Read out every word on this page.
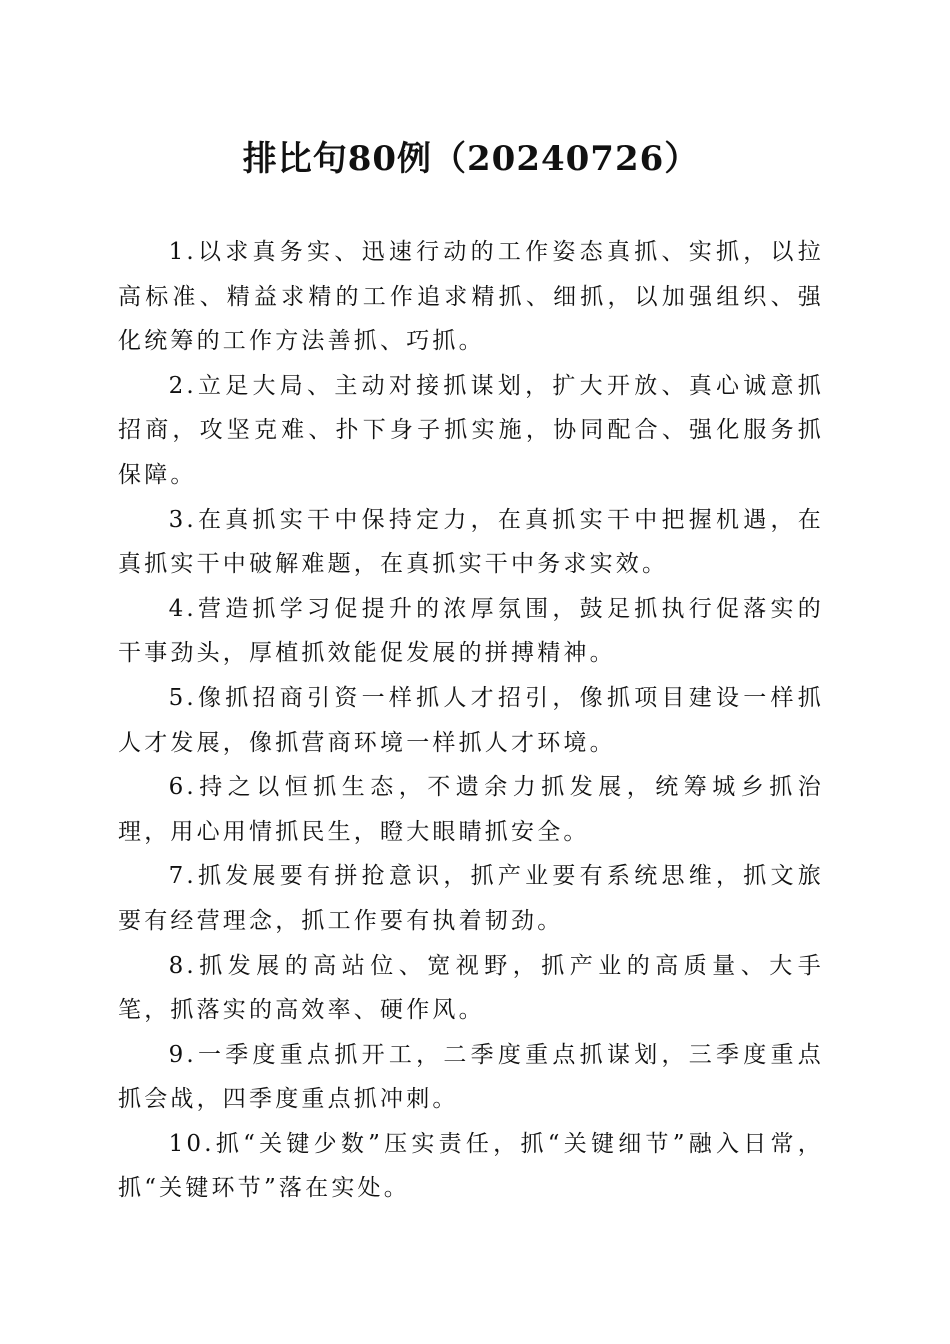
排比句80例（20240726）

1.以求真务实、迅速行动的工作姿态真抓、实抓，以拉高标准、精益求精的工作追求精抓、细抓，以加强组织、强化统筹的工作方法善抓、巧抓。

2.立足大局、主动对接抓谋划，扩大开放、真心诚意抓招商，攻坚克难、扑下身子抓实施，协同配合、强化服务抓保障。

3.在真抓实干中保持定力，在真抓实干中把握机遇，在真抓实干中破解难题，在真抓实干中务求实效。

4.营造抓学习促提升的浓厚氛围，鼓足抓执行促落实的干事劲头，厚植抓效能促发展的拼搏精神。

5.像抓招商引资一样抓人才招引，像抓项目建设一样抓人才发展，像抓营商环境一样抓人才环境。

6.持之以恒抓生态，不遗余力抓发展，统筹城乡抓治理，用心用情抓民生，瞪大眼睛抓安全。

7.抓发展要有拼抢意识，抓产业要有系统思维，抓文旅要有经营理念，抓工作要有执着韧劲。

8.抓发展的高站位、宽视野，抓产业的高质量、大手笔，抓落实的高效率、硬作风。

9.一季度重点抓开工，二季度重点抓谋划，三季度重点抓会战，四季度重点抓冲刺。

10.抓“关键少数”压实责任，抓“关键细节”融入日常，抓“关键环节”落在实处。
